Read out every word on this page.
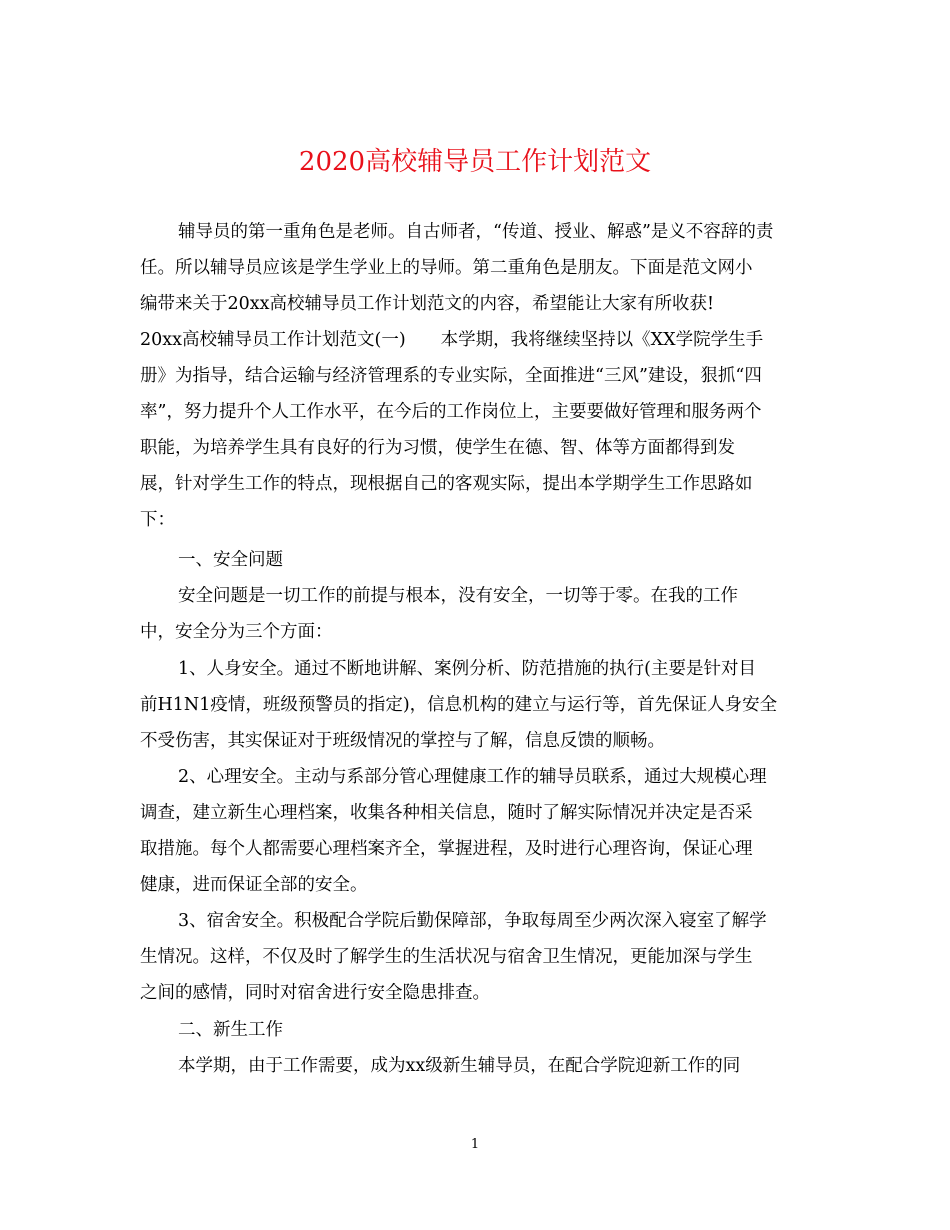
2020高校辅导员工作计划范文
辅导员的第一重角色是老师。自古师者，“传道、授业、解惑”是义不容辞的责
任。所以辅导员应该是学生学业上的导师。第二重角色是朋友。下面是范文网小
编带来关于20xx高校辅导员工作计划范文的内容，希望能让大家有所收获!
20xx高校辅导员工作计划范文(一)　　本学期，我将继续坚持以《XX学院学生手
册》为指导，结合运输与经济管理系的专业实际，全面推进“三风”建设，狠抓“四
率”，努力提升个人工作水平，在今后的工作岗位上，主要要做好管理和服务两个
职能，为培养学生具有良好的行为习惯，使学生在德、智、体等方面都得到发
展，针对学生工作的特点，现根据自己的客观实际，提出本学期学生工作思路如
下：
一、安全问题
安全问题是一切工作的前提与根本，没有安全，一切等于零。在我的工作
中，安全分为三个方面：
1、人身安全。通过不断地讲解、案例分析、防范措施的执行(主要是针对目
前H1N1疫情，班级预警员的指定)，信息机构的建立与运行等，首先保证人身安全
不受伤害，其实保证对于班级情况的掌控与了解，信息反馈的顺畅。
2、心理安全。主动与系部分管心理健康工作的辅导员联系，通过大规模心理
调查，建立新生心理档案，收集各种相关信息，随时了解实际情况并决定是否采
取措施。每个人都需要心理档案齐全，掌握进程，及时进行心理咨询，保证心理
健康，进而保证全部的安全。
3、宿舍安全。积极配合学院后勤保障部，争取每周至少两次深入寝室了解学
生情况。这样，不仅及时了解学生的生活状况与宿舍卫生情况，更能加深与学生
之间的感情，同时对宿舍进行安全隐患排查。
二、新生工作
本学期，由于工作需要，成为xx级新生辅导员，在配合学院迎新工作的同
1
